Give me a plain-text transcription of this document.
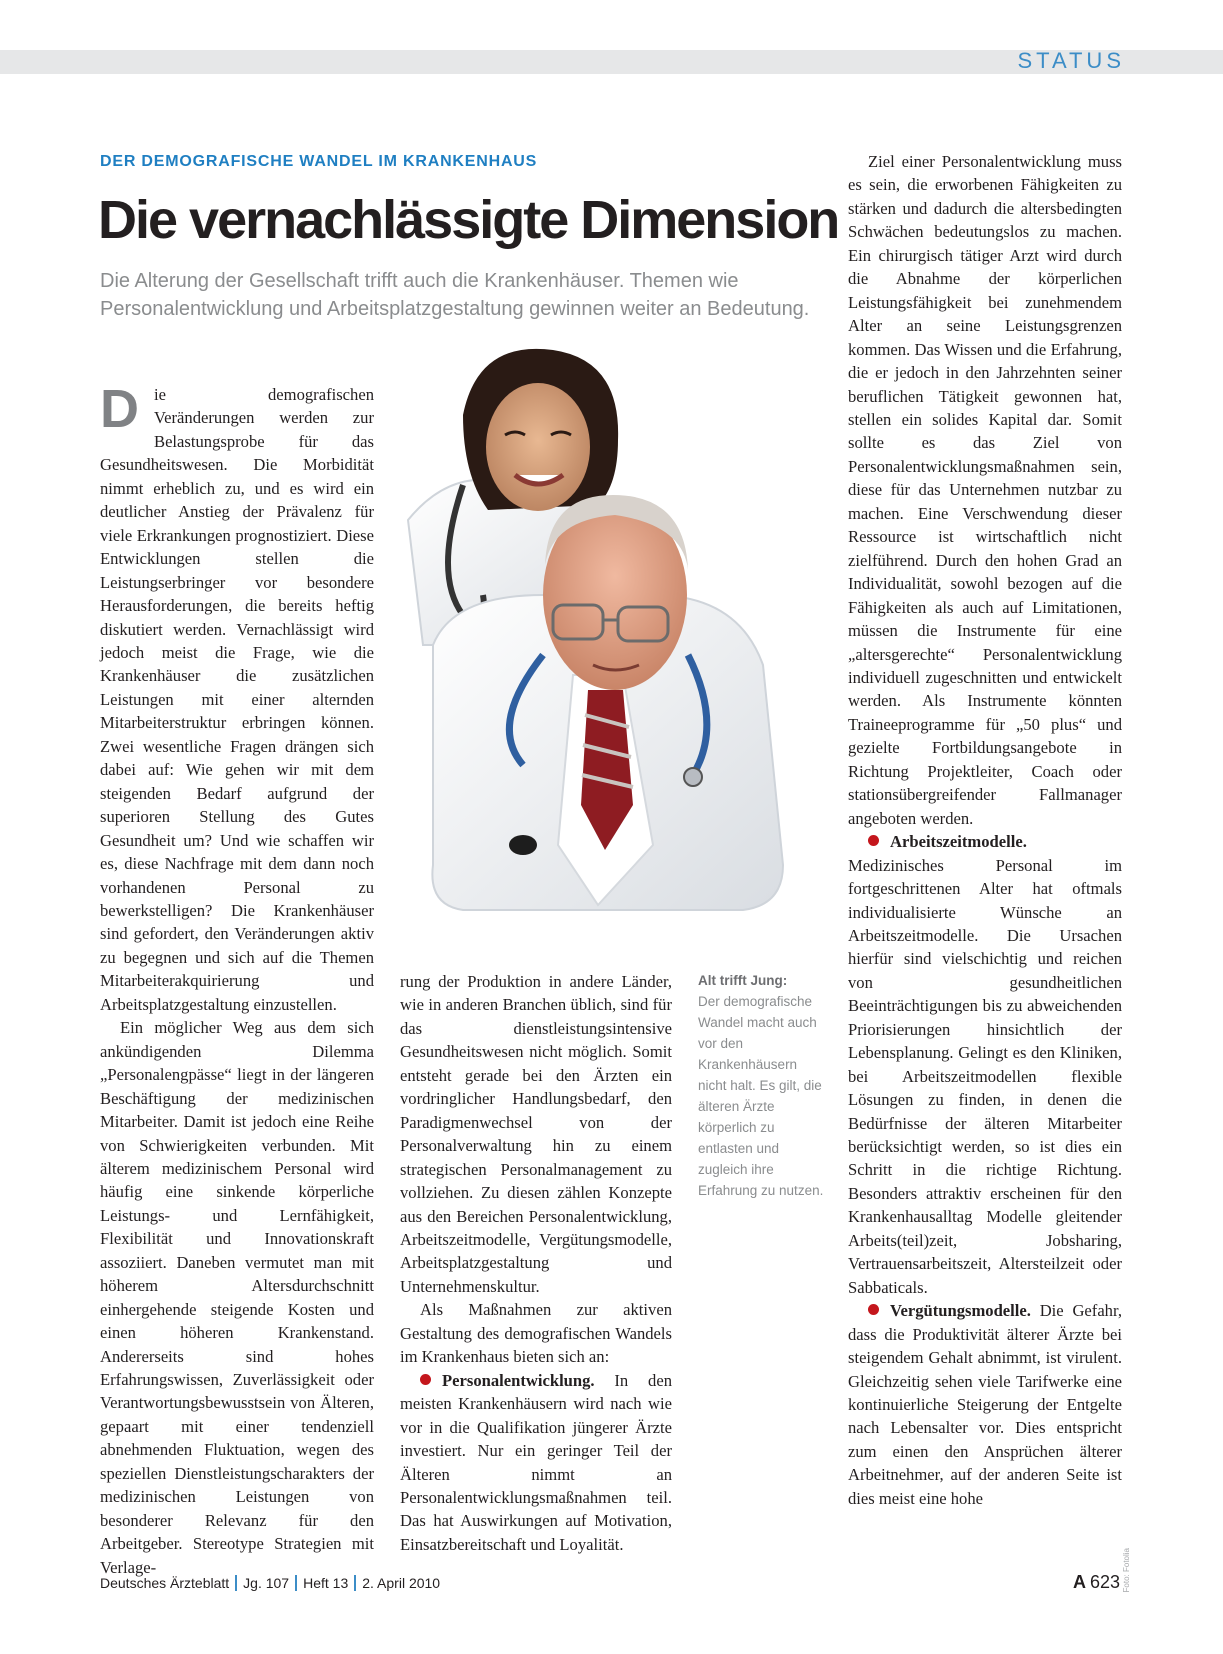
STATUS
DER DEMOGRAFISCHE WANDEL IM KRANKENHAUS
Die vernachlässigte Dimension

Die Alterung der Gesellschaft trifft auch die Krankenhäuser. Themen wie Personalentwicklung und Arbeitsplatzgestaltung gewinnen weiter an Bedeutung.

Die demografischen Veränderungen werden zur Belastungsprobe für das Gesundheitswesen. Die Morbidität nimmt erheblich zu, und es wird ein deutlicher Anstieg der Prävalenz für viele Erkrankungen prognostiziert. Diese Entwicklungen stellen die Leistungserbringer vor besondere Herausforderungen, die bereits heftig diskutiert werden. Vernachlässigt wird jedoch meist die Frage, wie die Krankenhäuser die zusätzlichen Leistungen mit einer alternden Mitarbeiterstruktur erbringen können. Zwei wesentliche Fragen drängen sich dabei auf: Wie gehen wir mit dem steigenden Bedarf aufgrund der superioren Stellung des Gutes Gesundheit um? Und wie schaffen wir es, diese Nachfrage mit dem dann noch vorhandenen Personal zu bewerkstelligen? Die Krankenhäuser sind gefordert, den Veränderungen aktiv zu begegnen und sich auf die Themen Mitarbeiterakquirierung und Arbeitsplatzgestaltung einzustellen.

Ein möglicher Weg aus dem sich ankündigenden Dilemma „Personalengpässe“ liegt in der längeren Beschäftigung der medizinischen Mitarbeiter. Damit ist jedoch eine Reihe von Schwierigkeiten verbunden. Mit älterem medizinischem Personal wird häufig eine sinkende körperliche Leistungs- und Lernfähigkeit, Flexibilität und Innovationskraft assoziiert. Daneben vermutet man mit höherem Altersdurchschnitt einhergehende steigende Kosten und einen höheren Krankenstand. Andererseits sind hohes Erfahrungswissen, Zuverlässigkeit oder Verantwortungsbewusstsein von Älteren, gepaart mit einer tendenziell abnehmenden Fluktuation, wegen des speziellen Dienstleistungscharakters der medizinischen Leistungen von besonderer Relevanz für den Arbeitgeber. Stereotype Strategien mit Verlage-

rung der Produktion in andere Länder, wie in anderen Branchen üblich, sind für das dienstleistungsintensive Gesundheitswesen nicht möglich. Somit entsteht gerade bei den Ärzten ein vordringlicher Handlungsbedarf, den Paradigmenwechsel von der Personalverwaltung hin zu einem strategischen Personalmanagement zu vollziehen. Zu diesen zählen Konzepte aus den Bereichen Personalentwicklung, Arbeitszeitmodelle, Vergütungsmodelle, Arbeitsplatzgestaltung und Unternehmenskultur.

Als Maßnahmen zur aktiven Gestaltung des demografischen Wandels im Krankenhaus bieten sich an:

Personalentwicklung. In den meisten Krankenhäusern wird nach wie vor in die Qualifikation jüngerer Ärzte investiert. Nur ein geringer Teil der Älteren nimmt an Personalentwicklungsmaßnahmen teil. Das hat Auswirkungen auf Motivation, Einsatzbereitschaft und Loyalität.

Alt trifft Jung:
Der demografische Wandel macht auch vor den Krankenhäusern nicht halt. Es gilt, die älteren Ärzte körperlich zu entlasten und zugleich ihre Erfahrung zu nutzen.

Ziel einer Personalentwicklung muss es sein, die erworbenen Fähigkeiten zu stärken und dadurch die altersbedingten Schwächen bedeutungslos zu machen. Ein chirurgisch tätiger Arzt wird durch die Abnahme der körperlichen Leistungsfähigkeit bei zunehmendem Alter an seine Leistungsgrenzen kommen. Das Wissen und die Erfahrung, die er jedoch in den Jahrzehnten seiner beruflichen Tätigkeit gewonnen hat, stellen ein solides Kapital dar. Somit sollte es das Ziel von Personalentwicklungsmaßnahmen sein, diese für das Unternehmen nutzbar zu machen. Eine Verschwendung dieser Ressource ist wirtschaftlich nicht zielführend. Durch den hohen Grad an Individualität, sowohl bezogen auf die Fähigkeiten als auch auf Limitationen, müssen die Instrumente für eine „altersgerechte“ Personalentwicklung individuell zugeschnitten und entwickelt werden. Als Instrumente könnten Traineeprogramme für „50 plus“ und gezielte Fortbildungsangebote in Richtung Projektleiter, Coach oder stationsübergreifender Fallmanager angeboten werden.

Arbeitszeitmodelle. Medizinisches Personal im fortgeschrittenen Alter hat oftmals individualisierte Wünsche an Arbeitszeitmodelle. Die Ursachen hierfür sind vielschichtig und reichen von gesundheitlichen Beeinträchtigungen bis zu abweichenden Priorisierungen hinsichtlich der Lebensplanung. Gelingt es den Kliniken, bei Arbeitszeitmodellen flexible Lösungen zu finden, in denen die Bedürfnisse der älteren Mitarbeiter berücksichtigt werden, so ist dies ein Schritt in die richtige Richtung. Besonders attraktiv erscheinen für den Krankenhausalltag Modelle gleitender Arbeits(teil)zeit, Jobsharing, Vertrauensarbeitszeit, Altersteilzeit oder Sabbaticals.

Vergütungsmodelle. Die Gefahr, dass die Produktivität älterer Ärzte bei steigendem Gehalt abnimmt, ist virulent. Gleichzeitig sehen viele Tarifwerke eine kontinuierliche Steigerung der Entgelte nach Lebensalter vor. Dies entspricht zum einen den Ansprüchen älterer Arbeitnehmer, auf der anderen Seite ist dies meist eine hohe

Foto: Fotolia
Deutsches Ärzteblatt Jg. 107 Heft 13 2. April 2010	A 623
